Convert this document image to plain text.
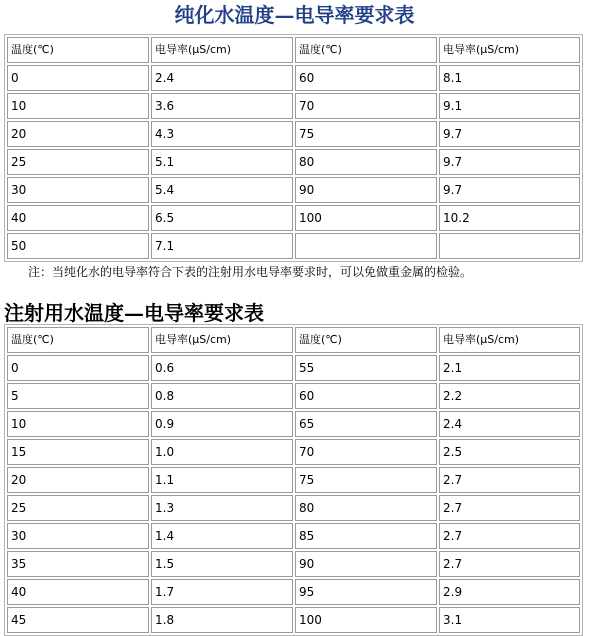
纯化水温度—电导率要求表
温度(℃)	电导率(μS/cm)	温度(℃)	电导率(μS/cm)
0	2.4	60	8.1
10	3.6	70	9.1
20	4.3	75	9.7
25	5.1	80	9.7
30	5.4	90	9.7
40	6.5	100	10.2
50	7.1		
注：当纯化水的电导率符合下表的注射用水电导率要求时，可以免做重金属的检验。
注射用水温度—电导率要求表
温度(℃)	电导率(μS/cm)	温度(℃)	电导率(μS/cm)
0	0.6	55	2.1
5	0.8	60	2.2
10	0.9	65	2.4
15	1.0	70	2.5
20	1.1	75	2.7
25	1.3	80	2.7
30	1.4	85	2.7
35	1.5	90	2.7
40	1.7	95	2.9
45	1.8	100	3.1
